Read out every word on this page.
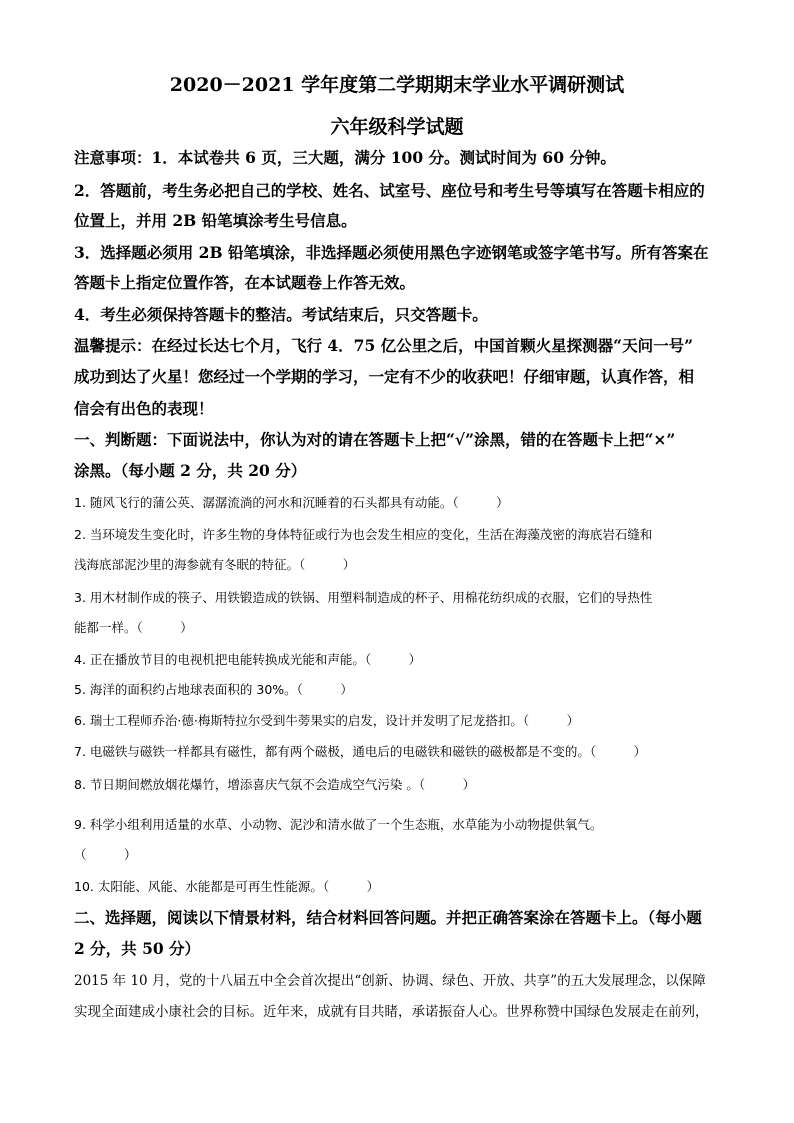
2020－2021 学年度第二学期期末学业水平调研测试
六年级科学试题
注意事项：1．本试卷共 6 页，三大题，满分 100 分。测试时间为 60 分钟。
2．答题前，考生务必把自己的学校、姓名、试室号、座位号和考生号等填写在答题卡相应的
位置上，并用 2B 铅笔填涂考生号信息。
3．选择题必须用 2B 铅笔填涂，非选择题必须使用黑色字迹钢笔或签字笔书写。所有答案在
答题卡上指定位置作答，在本试题卷上作答无效。
4．考生必须保持答题卡的整洁。考试结束后，只交答题卡。
温馨提示：在经过长达七个月，飞行 4．75 亿公里之后，中国首颗火星探测器“天问一号”
成功到达了火星！您经过一个学期的学习，一定有不少的收获吧！仔细审题，认真作答，相
信会有出色的表现！
一、判断题：下面说法中，你认为对的请在答题卡上把“√”涂黑，错的在答题卡上把“×”
涂黑。（每小题 2 分，共 20 分）
1. 随风飞行的蒲公英、潺潺流淌的河水和沉睡着的石头都具有动能。（　　　）
2. 当环境发生变化时，许多生物的身体特征或行为也会发生相应的变化，生活在海藻茂密的海底岩石缝和
浅海底部泥沙里的海参就有冬眠的特征。（　　　）
3. 用木材制作成的筷子、用铁锻造成的铁锅、用塑料制造成的杯子、用棉花纺织成的衣服，它们的导热性
能都一样。（　　　）
4. 正在播放节目的电视机把电能转换成光能和声能。（　　　）
5. 海洋的面积约占地球表面积的 30%。（　　　）
6. 瑞士工程师乔治·德·梅斯特拉尔受到牛蒡果实的启发，设计并发明了尼龙搭扣。（　　　）
7. 电磁铁与磁铁一样都具有磁性，都有两个磁极，通电后的电磁铁和磁铁的磁极都是不变的。（　　　）
8. 节日期间燃放烟花爆竹，增添喜庆气氛不会造成空气污染 。（　　　）
9. 科学小组利用适量的水草、小动物、泥沙和清水做了一个生态瓶，水草能为小动物提供氧气。
（　　　）
10. 太阳能、风能、水能都是可再生性能源。（　　　）
二、选择题，阅读以下情景材料，结合材料回答问题。并把正确答案涂在答题卡上。（每小题
2 分，共 50 分）
2015 年 10 月，党的十八届五中全会首次提出“创新、协调、绿色、开放、共享”的五大发展理念，以保障
实现全面建成小康社会的目标。近年来，成就有目共睹，承诺振奋人心。世界称赞中国绿色发展走在前列，
